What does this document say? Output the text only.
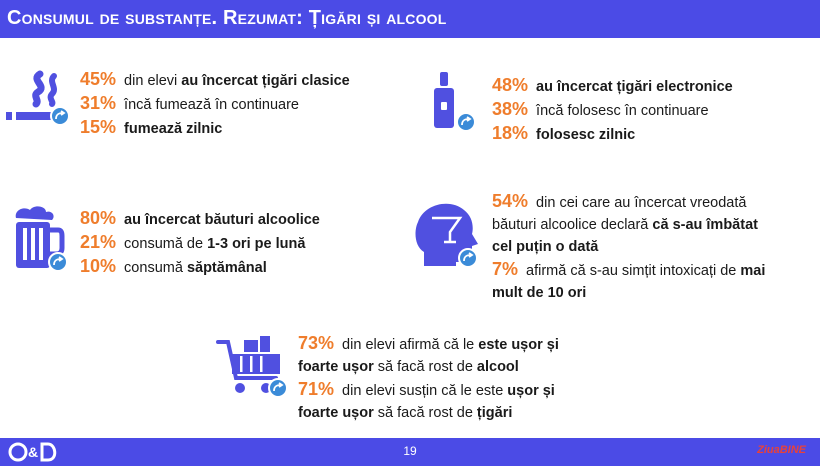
Consumul de substanțe. Rezumat: Țigări și alcool
45% din elevi au încercat țigări clasice
31% încă fumează în continuare
15% fumează zilnic
48% au încercat țigări electronice
38% încă folosesc în continuare
18% folosesc zilnic
80% au încercat băuturi alcoolice
21% consumă de 1-3 ori pe lună
10% consumă săptămânal
54% din cei care au încercat vreodată
băuturi alcoolice declară că s-au îmbătat
cel puțin o dată
7% afirmă că s-au simțit intoxicați de mai
mult de 10 ori
73% din elevi afirmă că le este ușor și
foarte ușor să facă rost de alcool
71% din elevi susțin că le este ușor și
foarte ușor să facă rost de țigări
&	19	ZiuaBINE
